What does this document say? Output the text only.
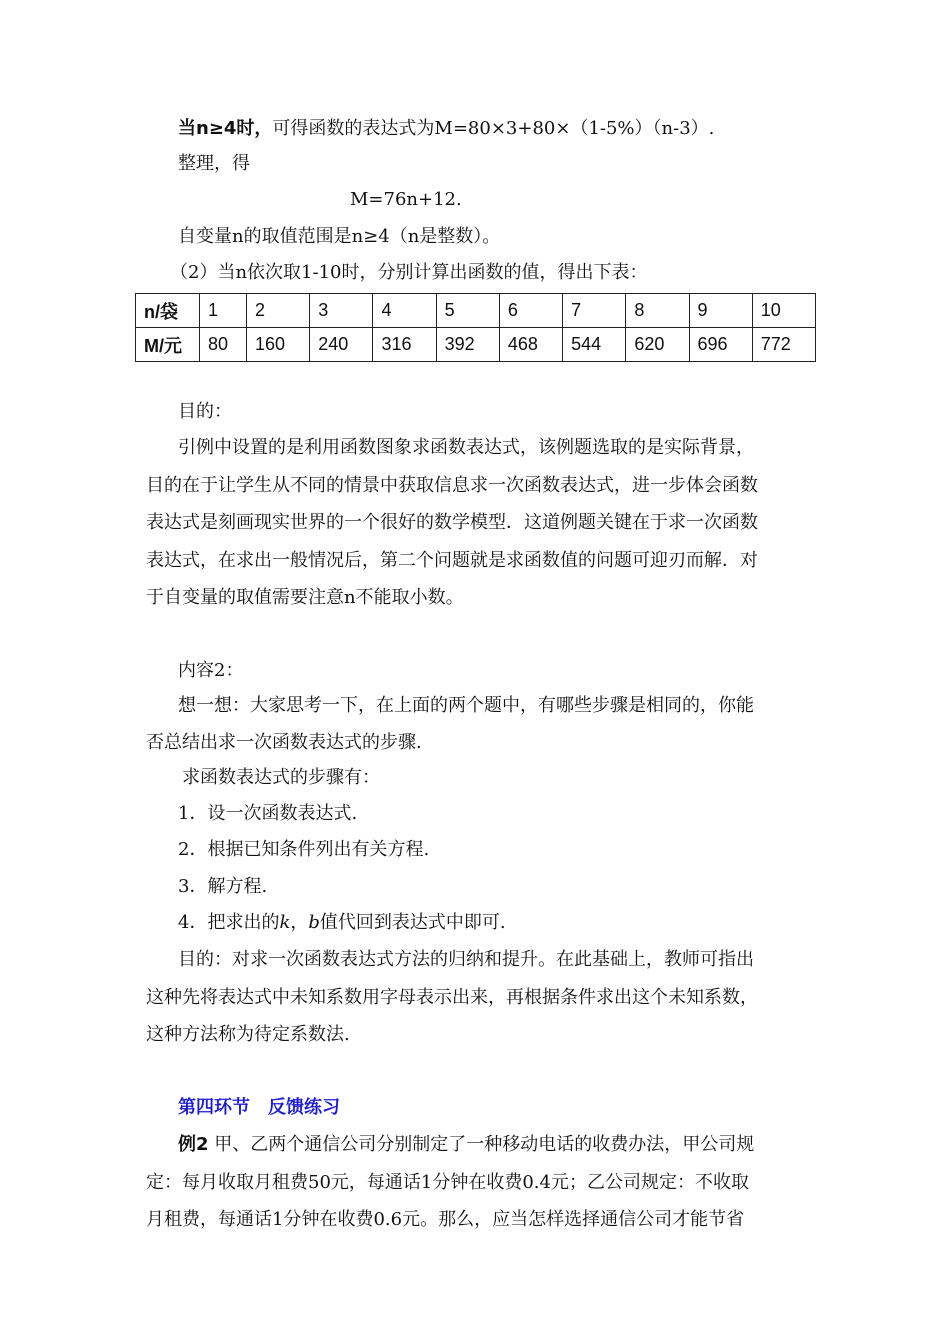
当n≥4时，可得函数的表达式为M=80×3+80×（1-5%）（n-3）.
整理，得
M=76n+12.
自变量n的取值范围是n≥4（n是整数）。
（2）当n依次取1-10时，分别计算出函数的值，得出下表：
n/袋	1	2	3	4	5	6	7	8	9	10
M/元	80	160	240	316	392	468	544	620	696	772
目的：
引例中设置的是利用函数图象求函数表达式，该例题选取的是实际背景，
目的在于让学生从不同的情景中获取信息求一次函数表达式，进一步体会函数
表达式是刻画现实世界的一个很好的数学模型．这道例题关键在于求一次函数
表达式，在求出一般情况后，第二个问题就是求函数值的问题可迎刃而解．对
于自变量的取值需要注意n不能取小数。
内容2：
想一想：大家思考一下，在上面的两个题中，有哪些步骤是相同的，你能
否总结出求一次函数表达式的步骤.
求函数表达式的步骤有：
1．设一次函数表达式.
2．根据已知条件列出有关方程.
3．解方程.
4．把求出的k，b值代回到表达式中即可.
目的：对求一次函数表达式方法的归纳和提升。在此基础上，教师可指出
这种先将表达式中未知系数用字母表示出来，再根据条件求出这个未知系数，
这种方法称为待定系数法.
第四环节　反馈练习
例2 甲、乙两个通信公司分别制定了一种移动电话的收费办法，甲公司规
定：每月收取月租费50元，每通话1分钟在收费0.4元；乙公司规定：不收取
月租费，每通话1分钟在收费0.6元。那么，应当怎样选择通信公司才能节省
